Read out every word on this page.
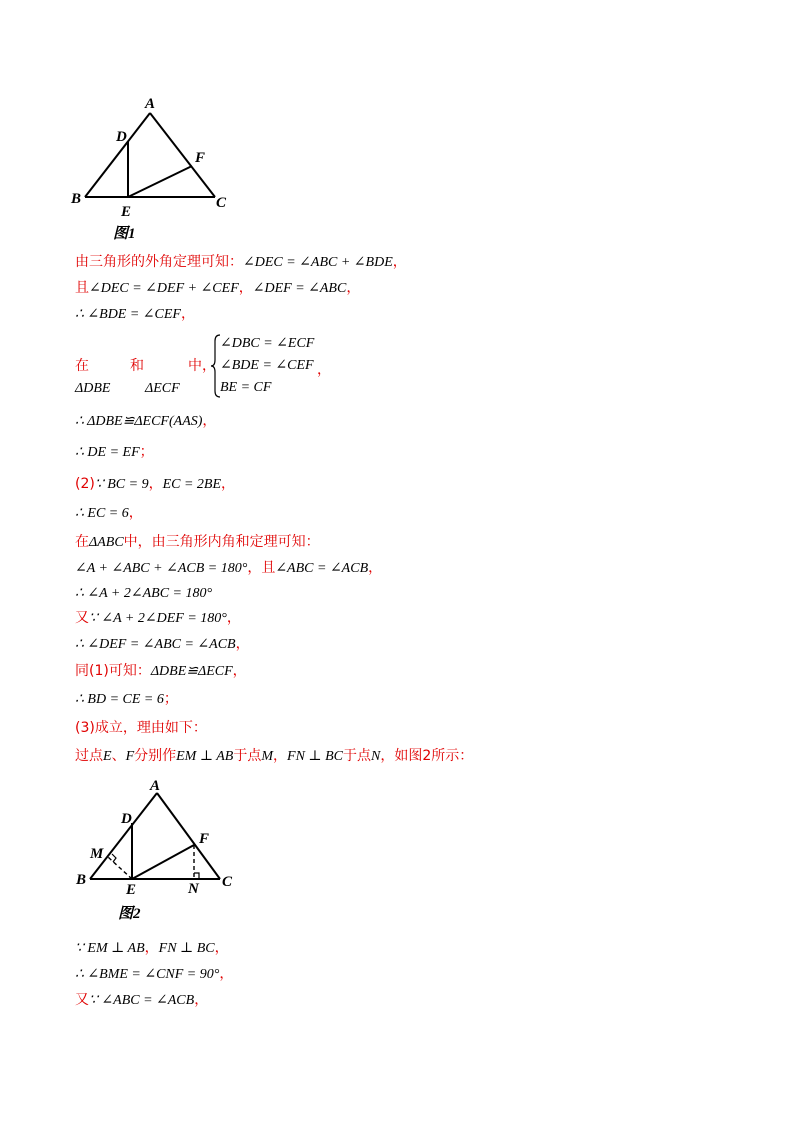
A
D
F
B
E
C
图1
由三角形的外角定理可知：∠DEC = ∠ABC + ∠BDE，
且∠DEC = ∠DEF + ∠CEF，∠DEF = ∠ABC，
∴ ∠BDE = ∠CEF，
在	和	中，
ΔDBE ΔECF
∠DBC = ∠ECF
∠BDE = ∠CEF
BE = CF
，
∴ ΔDBE≌ΔECF(AAS)，
∴ DE = EF；
(2)∵ BC = 9，EC = 2BE，
∴ EC = 6，
在ΔABC中，由三角形内角和定理可知：
∠A + ∠ABC + ∠ACB = 180°，且∠ABC = ∠ACB，
∴ ∠A + 2∠ABC = 180°
又∵ ∠A + 2∠DEF = 180°，
∴ ∠DEF = ∠ABC = ∠ACB，
同(1)可知：ΔDBE≌ΔECF，
∴ BD = CE = 6；
(3)成立，理由如下：
过点E、F分别作EM ⊥ AB于点M，FN ⊥ BC于点N，如图2所示：
A
D
F
M
B
E	N C
图2
∵ EM ⊥ AB，FN ⊥ BC，
∴ ∠BME = ∠CNF = 90°，
又∵ ∠ABC = ∠ACB，
